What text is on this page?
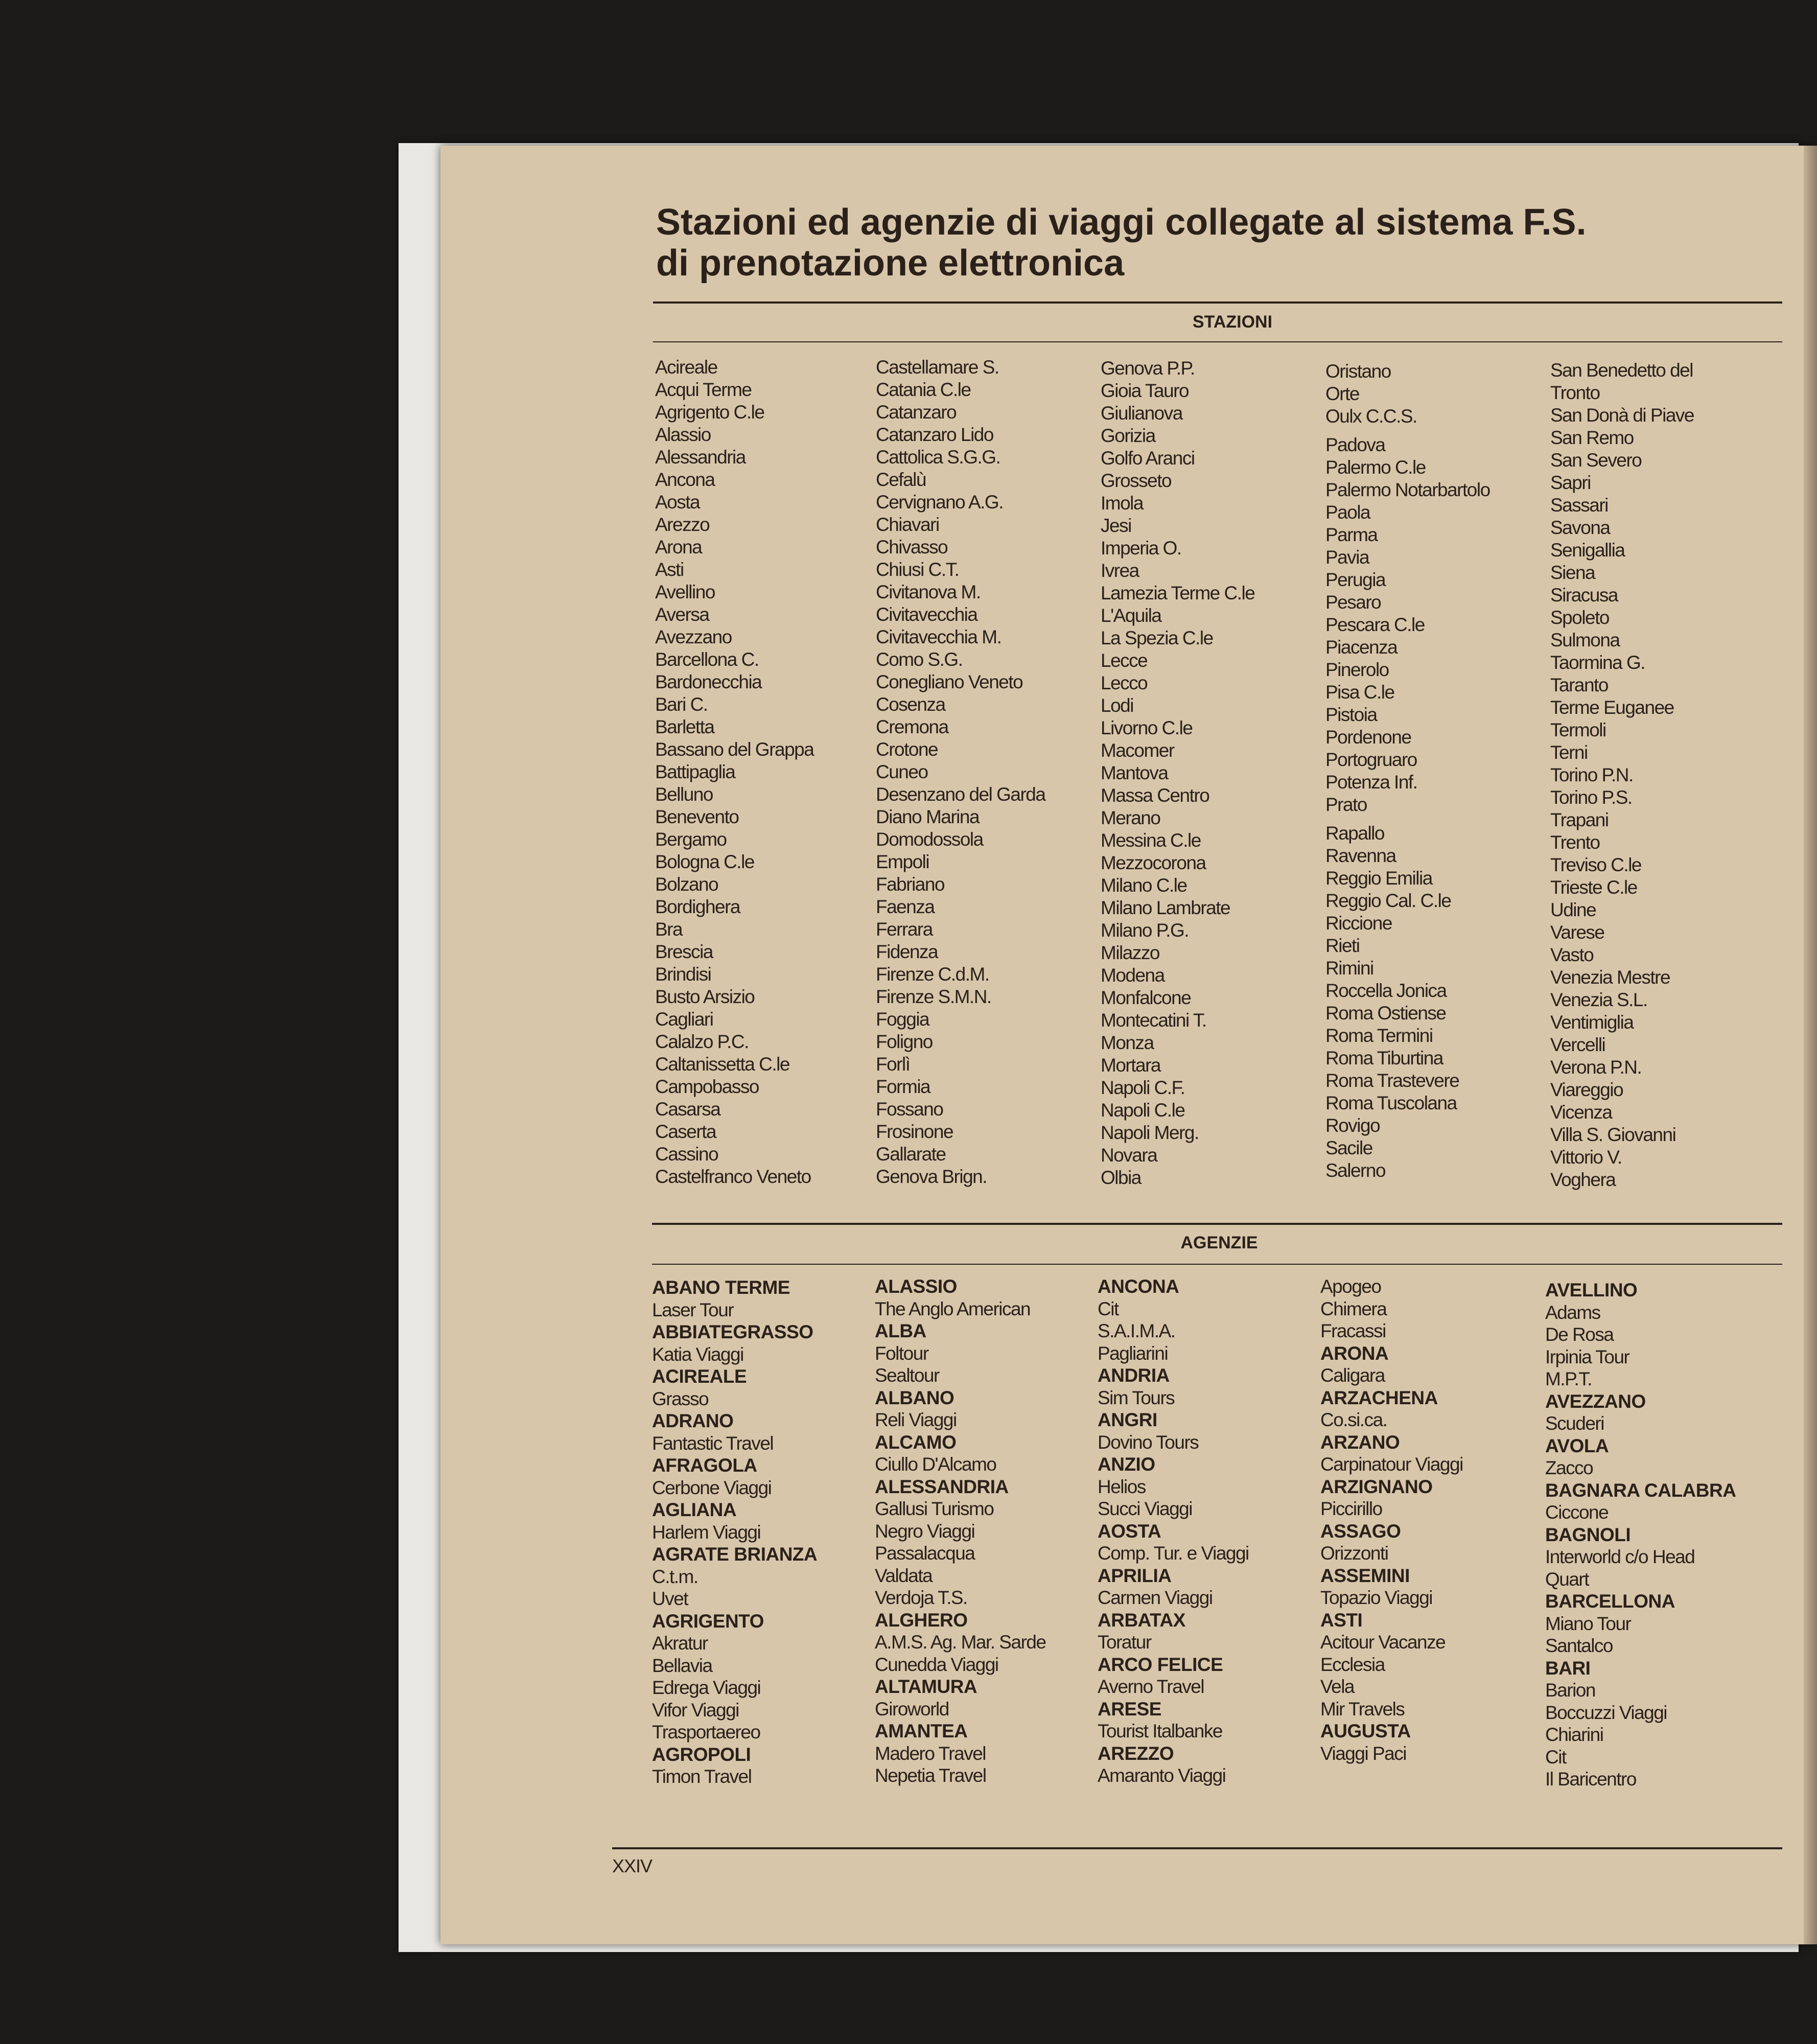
Stazioni ed agenzie di viaggi collegate al sistema F.S.
di prenotazione elettronica
STAZIONI
Acireale
Acqui Terme
Agrigento C.le
Alassio
Alessandria
Ancona
Aosta
Arezzo
Arona
Asti
Avellino
Aversa
Avezzano
Barcellona C.
Bardonecchia
Bari C.
Barletta
Bassano del Grappa
Battipaglia
Belluno
Benevento
Bergamo
Bologna C.le
Bolzano
Bordighera
Bra
Brescia
Brindisi
Busto Arsizio
Cagliari
Calalzo P.C.
Caltanissetta C.le
Campobasso
Casarsa
Caserta
Cassino
Castelfranco Veneto
Castellamare S.
Catania C.le
Catanzaro
Catanzaro Lido
Cattolica S.G.G.
Cefalù
Cervignano A.G.
Chiavari
Chivasso
Chiusi C.T.
Civitanova M.
Civitavecchia
Civitavecchia M.
Como S.G.
Conegliano Veneto
Cosenza
Cremona
Crotone
Cuneo
Desenzano del Garda
Diano Marina
Domodossola
Empoli
Fabriano
Faenza
Ferrara
Fidenza
Firenze C.d.M.
Firenze S.M.N.
Foggia
Foligno
Forlì
Formia
Fossano
Frosinone
Gallarate
Genova Brign.
Genova P.P.
Gioia Tauro
Giulianova
Gorizia
Golfo Aranci
Grosseto
Imola
Jesi
Imperia O.
Ivrea
Lamezia Terme C.le
L'Aquila
La Spezia C.le
Lecce
Lecco
Lodi
Livorno C.le
Macomer
Mantova
Massa Centro
Merano
Messina C.le
Mezzocorona
Milano C.le
Milano Lambrate
Milano P.G.
Milazzo
Modena
Monfalcone
Montecatini T.
Monza
Mortara
Napoli C.F.
Napoli C.le
Napoli Merg.
Novara
Olbia
Oristano
Orte
Oulx C.C.S.
Padova
Palermo C.le
Palermo Notarbartolo
Paola
Parma
Pavia
Perugia
Pesaro
Pescara C.le
Piacenza
Pinerolo
Pisa C.le
Pistoia
Pordenone
Portogruaro
Potenza Inf.
Prato
Rapallo
Ravenna
Reggio Emilia
Reggio Cal. C.le
Riccione
Rieti
Rimini
Roccella Jonica
Roma Ostiense
Roma Termini
Roma Tiburtina
Roma Trastevere
Roma Tuscolana
Rovigo
Sacile
Salerno
San Benedetto del
Tronto
San Donà di Piave
San Remo
San Severo
Sapri
Sassari
Savona
Senigallia
Siena
Siracusa
Spoleto
Sulmona
Taormina G.
Taranto
Terme Euganee
Termoli
Terni
Torino P.N.
Torino P.S.
Trapani
Trento
Treviso C.le
Trieste C.le
Udine
Varese
Vasto
Venezia Mestre
Venezia S.L.
Ventimiglia
Vercelli
Verona P.N.
Viareggio
Vicenza
Villa S. Giovanni
Vittorio V.
Voghera
AGENZIE
ABANO TERME
Laser Tour
ABBIATEGRASSO
Katia Viaggi
ACIREALE
Grasso
ADRANO
Fantastic Travel
AFRAGOLA
Cerbone Viaggi
AGLIANA
Harlem Viaggi
AGRATE BRIANZA
C.t.m.
Uvet
AGRIGENTO
Akratur
Bellavia
Edrega Viaggi
Vifor Viaggi
Trasportaereo
AGROPOLI
Timon Travel
ALASSIO
The Anglo American
ALBA
Foltour
Sealtour
ALBANO
Reli Viaggi
ALCAMO
Ciullo D'Alcamo
ALESSANDRIA
Gallusi Turismo
Negro Viaggi
Passalacqua
Valdata
Verdoja T.S.
ALGHERO
A.M.S. Ag. Mar. Sarde
Cunedda Viaggi
ALTAMURA
Giroworld
AMANTEA
Madero Travel
Nepetia Travel
ANCONA
Cit
S.A.I.M.A.
Pagliarini
ANDRIA
Sim Tours
ANGRI
Dovino Tours
ANZIO
Helios
Succi Viaggi
AOSTA
Comp. Tur. e Viaggi
APRILIA
Carmen Viaggi
ARBATAX
Toratur
ARCO FELICE
Averno Travel
ARESE
Tourist Italbanke
AREZZO
Amaranto Viaggi
Apogeo
Chimera
Fracassi
ARONA
Caligara
ARZACHENA
Co.si.ca.
ARZANO
Carpinatour Viaggi
ARZIGNANO
Piccirillo
ASSAGO
Orizzonti
ASSEMINI
Topazio Viaggi
ASTI
Acitour Vacanze
Ecclesia
Vela
Mir Travels
AUGUSTA
Viaggi Paci
AVELLINO
Adams
De Rosa
Irpinia Tour
M.P.T.
AVEZZANO
Scuderi
AVOLA
Zacco
BAGNARA CALABRA
Ciccone
BAGNOLI
Interworld c/o Head
Quart
BARCELLONA
Miano Tour
Santalco
BARI
Barion
Boccuzzi Viaggi
Chiarini
Cit
Il Baricentro
XXIV
